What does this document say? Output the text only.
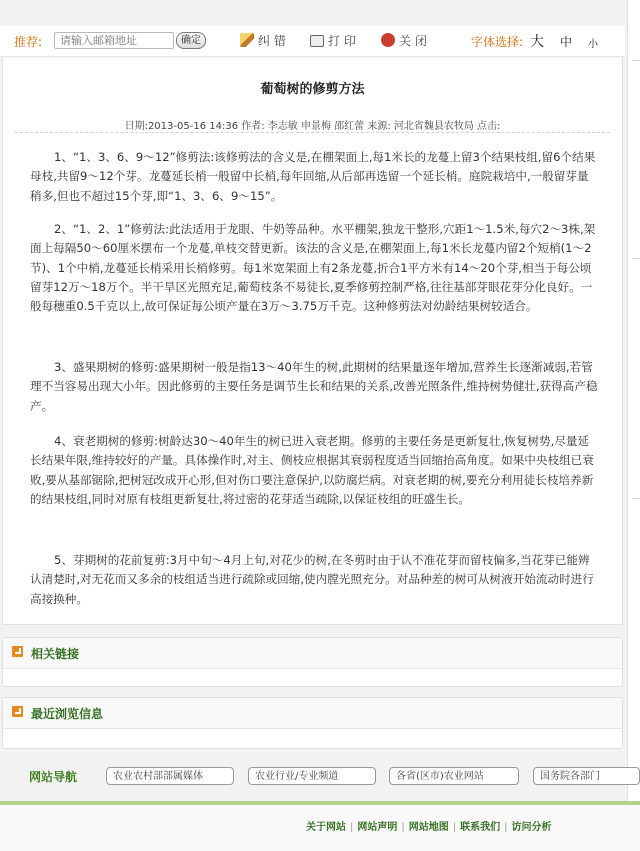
推荐:
请输入邮箱地址	确定	纠 错	打 印	关 闭	字体选择: 大 中 小
葡萄树的修剪方法
日期:2013-05-16 14:36 作者: 李志敏 申景梅 邵红蕾 来源: 河北省魏县农牧局 点击:

1、“1、3、6、9～12”修剪法:该修剪法的含义是,在棚架面上,每1米长的龙蔓上留3个结果枝组,留6个结果母枝,共留9～12个芽。龙蔓延长梢一般留中长梢,每年回缩,从后部再选留一个延长梢。庭院栽培中,一般留芽量稍多,但也不超过15个芽,即“1、3、6、9～15”。

2、“1、2、1”修剪法:此法适用于龙眼、牛奶等品种。水平棚架,独龙干整形,穴距1～1.5米,每穴2～3株,架面上每隔50～60厘米摆布一个龙蔓,单枝交替更新。该法的含义是,在棚架面上,每1米长龙蔓内留2个短梢(1～2节)、1个中梢,龙蔓延长梢采用长梢修剪。每1米宽架面上有2条龙蔓,折合1平方米有14～20个芽,相当于每公顷留芽12万～18万个。半干旱区光照充足,葡萄枝条不易徒长,夏季修剪控制严格,往往基部芽眼花芽分化良好。一般每穗重0.5千克以上,故可保证每公顷产量在3万～3.75万千克。这种修剪法对幼龄结果树较适合。

3、盛果期树的修剪:盛果期树一般是指13～40年生的树,此期树的结果量逐年增加,营养生长逐渐减弱,若管理不当容易出现大小年。因此修剪的主要任务是调节生长和结果的关系,改善光照条件,维持树势健壮,获得高产稳产。

4、衰老期树的修剪:树龄达30～40年生的树已进入衰老期。修剪的主要任务是更新复壮,恢复树势,尽量延长结果年限,维持较好的产量。具体操作时,对主、侧枝应根据其衰弱程度适当回缩抬高角度。如果中央枝组已衰败,要从基部锯除,把树冠改成开心形,但对伤口要注意保护,以防腐烂病。对衰老期的树,要充分利用徒长枝培养新的结果枝组,同时对原有枝组更新复壮,将过密的花芽适当疏除,以保证枝组的旺盛生长。

5、芽期树的花前复剪:3月中旬～4月上旬,对花少的树,在冬剪时由于认不准花芽而留枝偏多,当花芽已能辨认清楚时,对无花而又多余的枝组适当进行疏除或回缩,使内膛光照充分。对品种差的树可从树液开始流动时进行高接换种。

相关链接
最近浏览信息
网站导航	农业农村部部属媒体	农业行业/专业频道	各省(区市)农业网站	国务院各部门
关于网站 | 网站声明 | 网站地图 | 联系我们 | 访问分析
